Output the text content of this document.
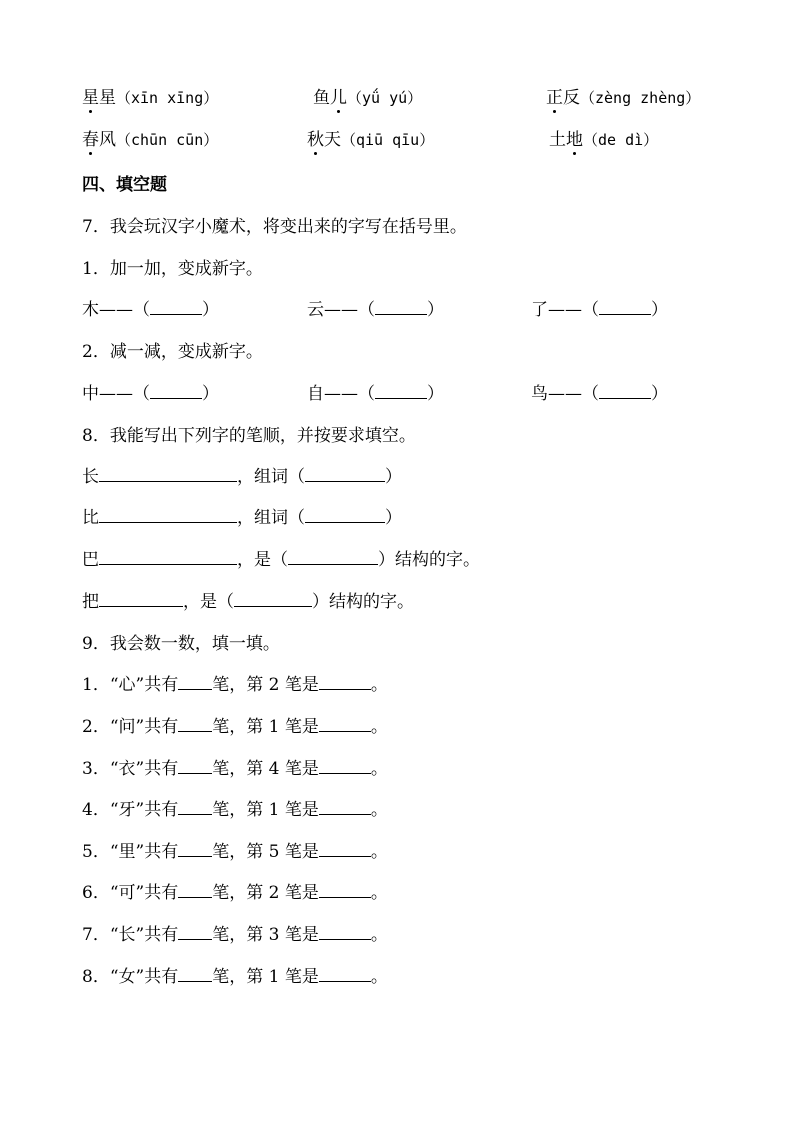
星星（xīn xīng）	鱼儿（yǘ yú）	正反（zèng zhèng）
春风（chūn cūn）	秋天（qiū qīu）	土地（de dì）
四、填空题
7．我会玩汉字小魔术，将变出来的字写在括号里。
1．加一加，变成新字。
木——（	）	云——（	）	了——（	）
2．减一减，变成新字。
中——（	）	自——（	）	鸟——（	）
8．我能写出下列字的笔顺，并按要求填空。
长	，组词（	）
比	，组词（	）
巴	，是（	）结构的字。
把	，是（	）结构的字。
9．我会数一数，填一填。
1．“心”共有 笔，第 2 笔是	。
2．“问”共有 笔，第 1 笔是	。
3．“衣”共有 笔，第 4 笔是	。
4．“牙”共有 笔，第 1 笔是	。
5．“里”共有 笔，第 5 笔是	。
6．“可”共有 笔，第 2 笔是	。
7．“长”共有 笔，第 3 笔是	。
8．“女”共有 笔，第 1 笔是	。
